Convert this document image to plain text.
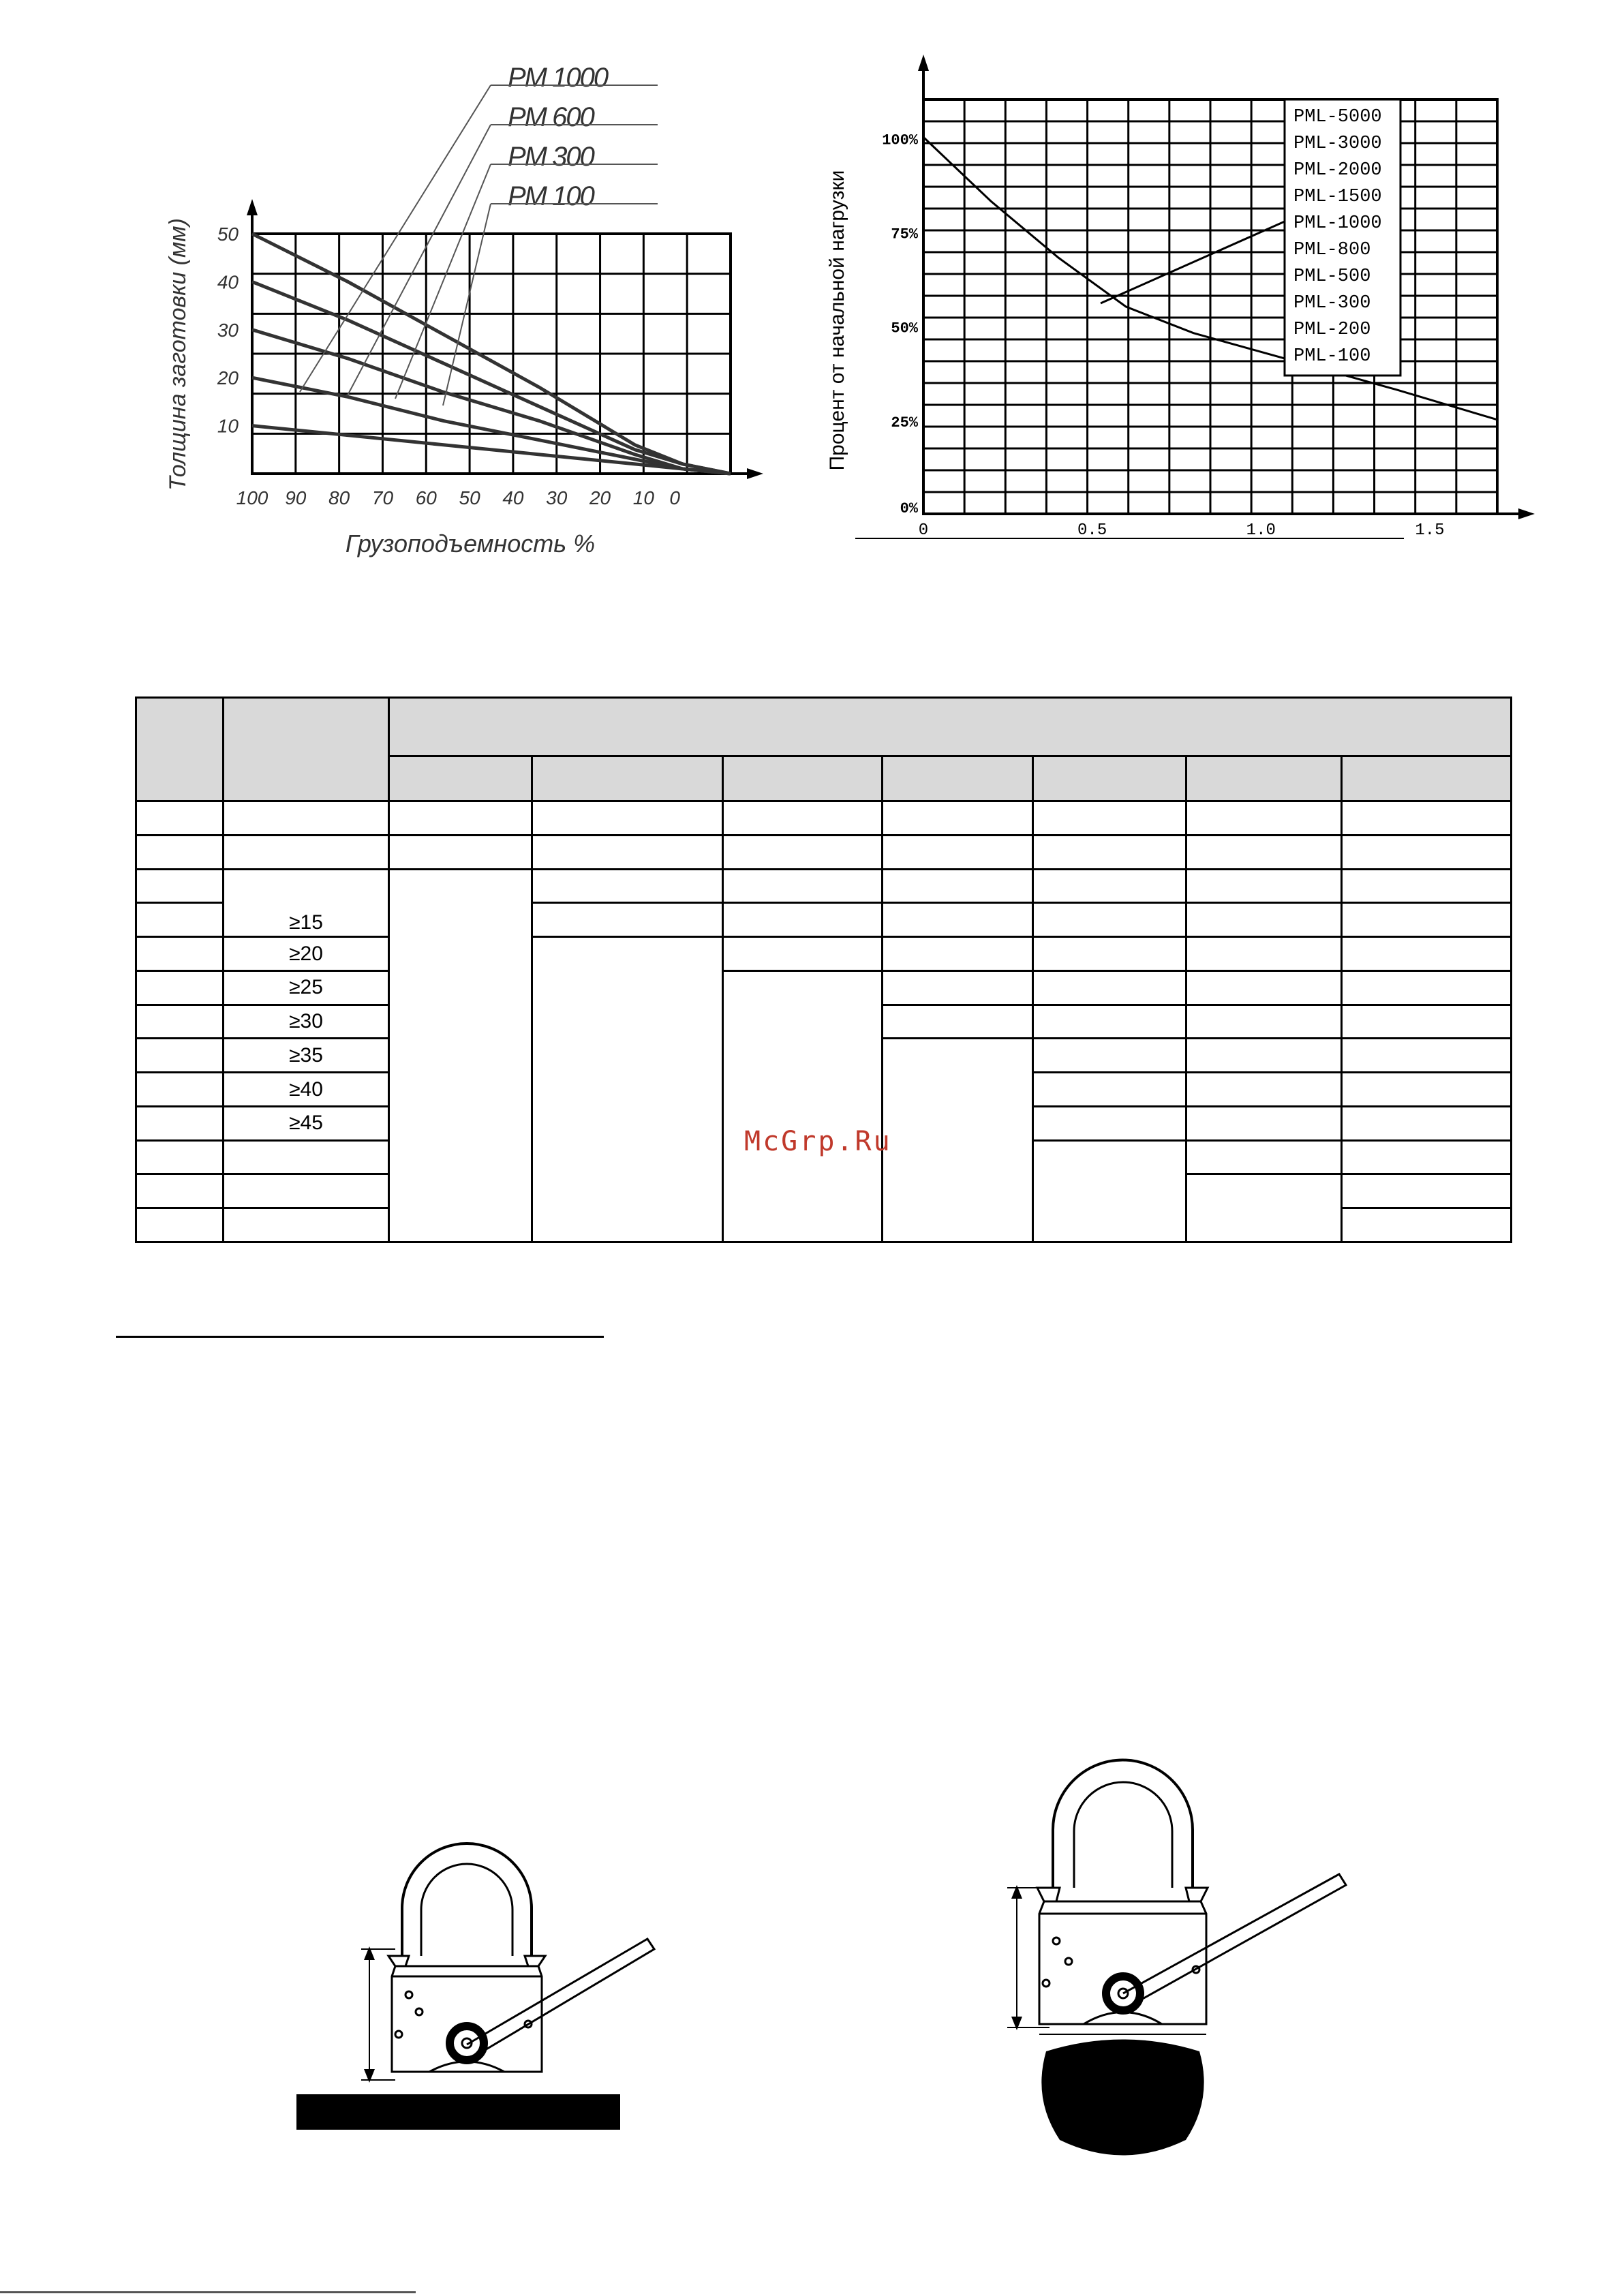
PM 1000
PM 600
PM 300
PM 100
50
40
30
20
10
100 90 80 70 60 50 40 30 20 10 0
Толщина заготовки (мм)
Грузоподъемность %
PML-5000
PML-3000
PML-2000
PML-1500
PML-1000
PML-800
PML-500
PML-300
PML-200
PML-100
100%
75%
50%
25%
0%
0	0.5	1.0	1.5
Процент от начальной нагрузки

	≥15							

	≥20							
	≥25							
	≥30							
	≥35							
	≥40							
	≥45							

McGrp.Ru
